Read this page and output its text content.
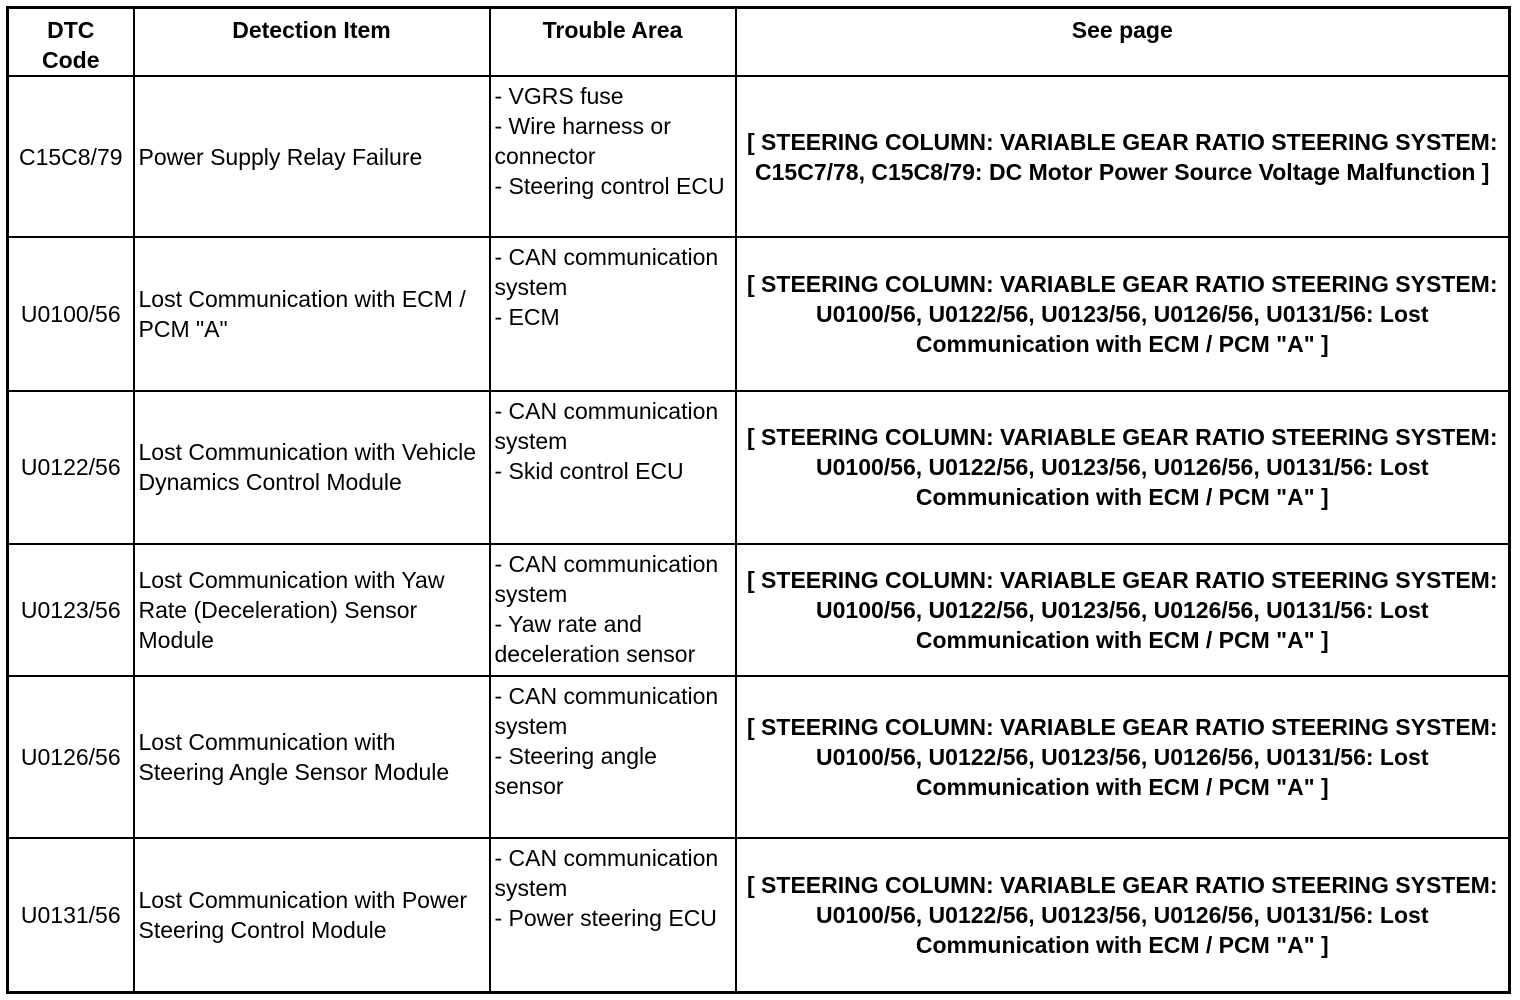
DTC
Code	Detection Item	Trouble Area	See page
C15C8/79	Power Supply Relay Failure	- VGRS fuse
- Wire harness or connector
- Steering control ECU	[ STEERING COLUMN: VARIABLE GEAR RATIO STEERING SYSTEM: C15C7/78, C15C8/79: DC Motor Power Source Voltage Malfunction ]
U0100/56	Lost Communication with ECM / PCM "A"	- CAN communication system
- ECM	[ STEERING COLUMN: VARIABLE GEAR RATIO STEERING SYSTEM: U0100/56, U0122/56, U0123/56, U0126/56, U0131/56: Lost Communication with ECM / PCM "A" ]
U0122/56	Lost Communication with Vehicle Dynamics Control Module	- CAN communication system
- Skid control ECU	[ STEERING COLUMN: VARIABLE GEAR RATIO STEERING SYSTEM: U0100/56, U0122/56, U0123/56, U0126/56, U0131/56: Lost Communication with ECM / PCM "A" ]
U0123/56	Lost Communication with Yaw Rate (Deceleration) Sensor Module	- CAN communication system
- Yaw rate and deceleration sensor	[ STEERING COLUMN: VARIABLE GEAR RATIO STEERING SYSTEM: U0100/56, U0122/56, U0123/56, U0126/56, U0131/56: Lost Communication with ECM / PCM "A" ]
U0126/56	Lost Communication with Steering Angle Sensor Module	- CAN communication system
- Steering angle sensor	[ STEERING COLUMN: VARIABLE GEAR RATIO STEERING SYSTEM: U0100/56, U0122/56, U0123/56, U0126/56, U0131/56: Lost Communication with ECM / PCM "A" ]
U0131/56	Lost Communication with Power Steering Control Module	- CAN communication system
- Power steering ECU	[ STEERING COLUMN: VARIABLE GEAR RATIO STEERING SYSTEM: U0100/56, U0122/56, U0123/56, U0126/56, U0131/56: Lost Communication with ECM / PCM "A" ]
